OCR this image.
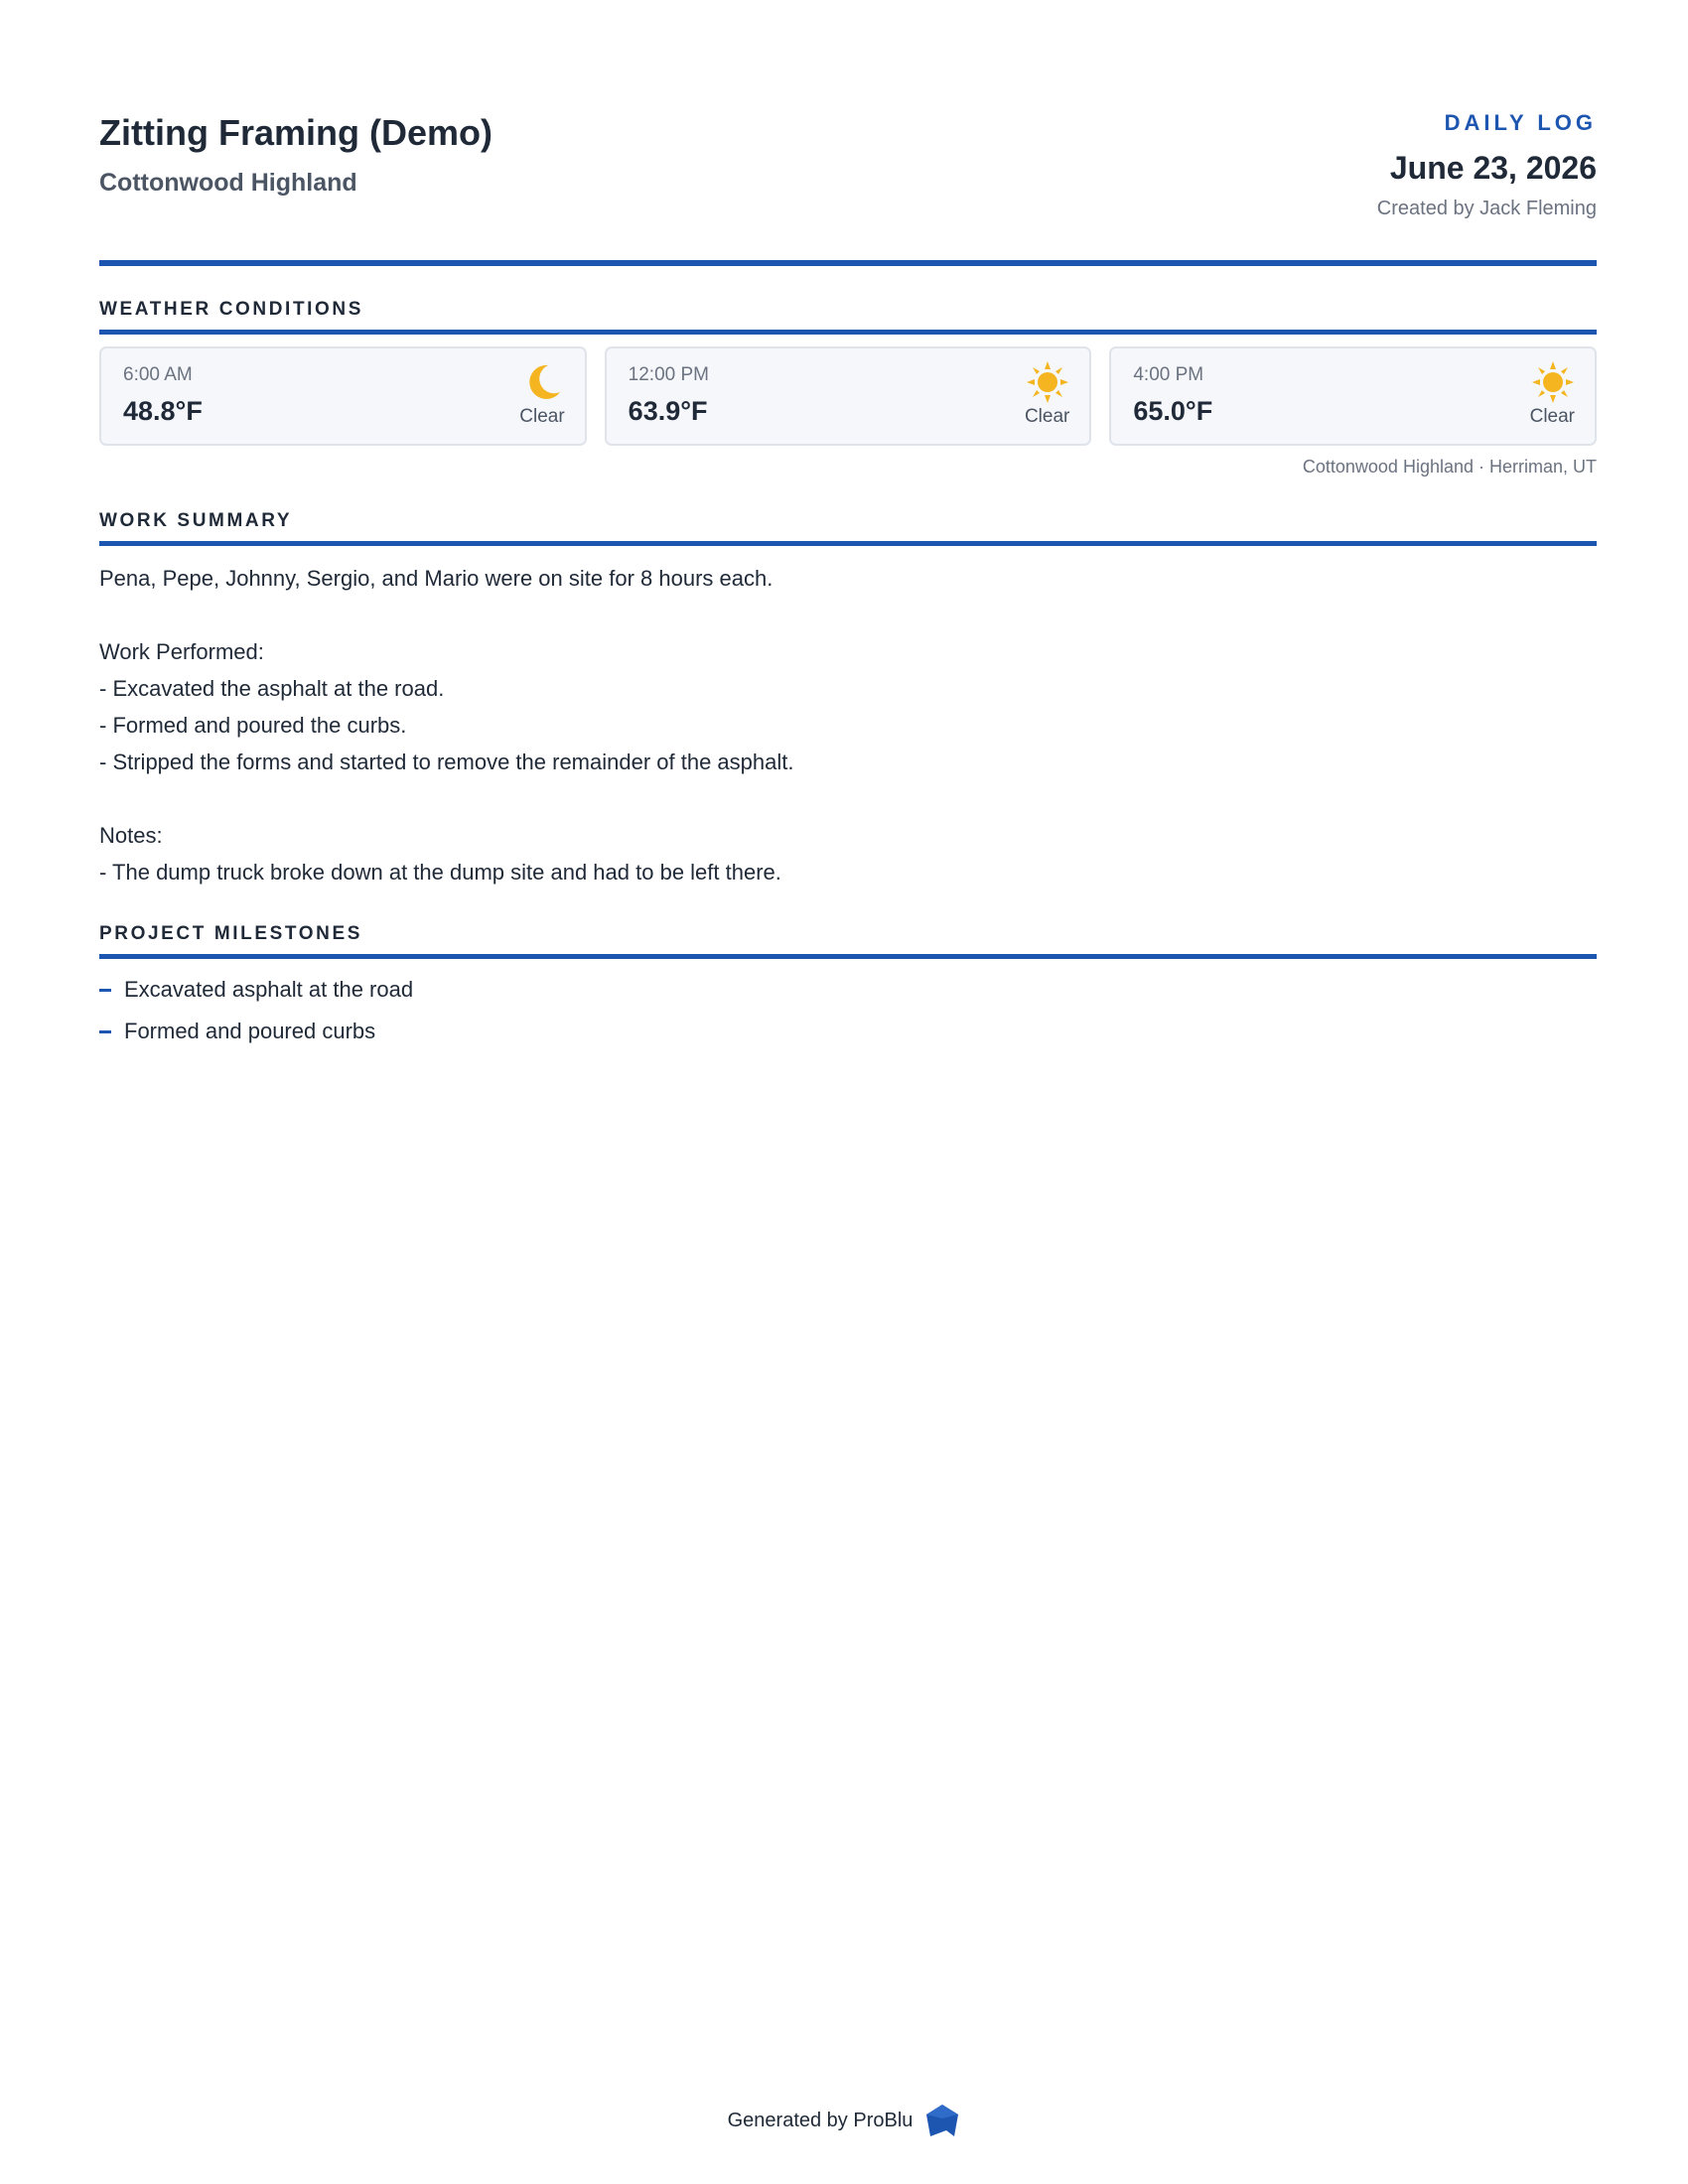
Zitting Framing (Demo)
Cottonwood Highland
DAILY LOG
June 23, 2026
Created by Jack Fleming
WEATHER CONDITIONS
6:00 AM
48.8°F	Clear
12:00 PM
63.9°F	Clear
4:00 PM
65.0°F	Clear
Cottonwood Highland · Herriman, UT
WORK SUMMARY
Pena, Pepe, Johnny, Sergio, and Mario were on site for 8 hours each.
Work Performed:
- Excavated the asphalt at the road.
- Formed and poured the curbs.
- Stripped the forms and started to remove the remainder of the asphalt.
Notes:
- The dump truck broke down at the dump site and had to be left there.
PROJECT MILESTONES
Excavated asphalt at the road
Formed and poured curbs
Generated by ProBlu
